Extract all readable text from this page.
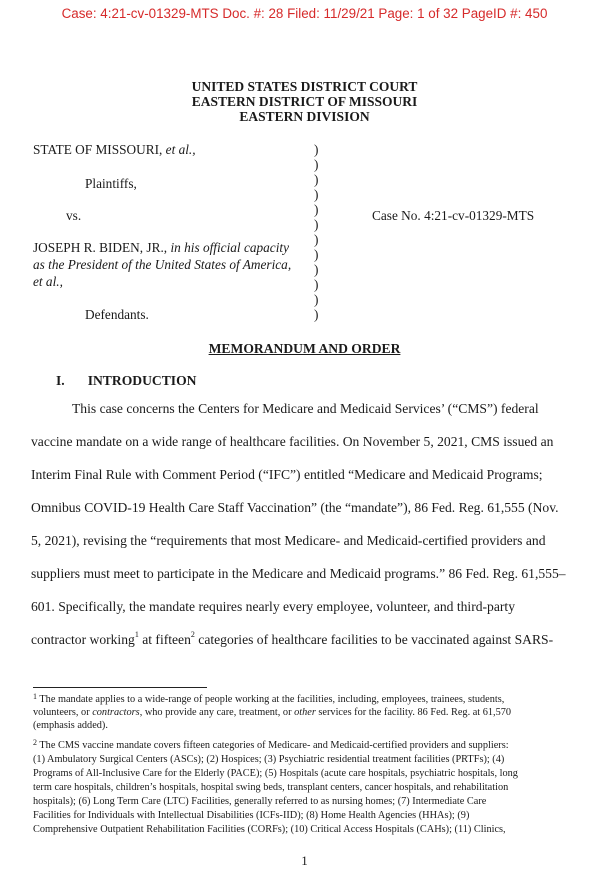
Case: 4:21-cv-01329-MTS Doc. #: 28 Filed: 11/29/21 Page: 1 of 32 PageID #: 450
UNITED STATES DISTRICT COURT
EASTERN DISTRICT OF MISSOURI
EASTERN DIVISION
STATE OF MISSOURI, et al.,
Plaintiffs,
vs.
JOSEPH R. BIDEN, JR., in his official capacity
as the President of the United States of America,
et al.,
Defendants.
)
)
)
)
)
)
)
)
)
)
)
)
Case No. 4:21-cv-01329-MTS
MEMORANDUM AND ORDER
I. INTRODUCTION
This case concerns the Centers for Medicare and Medicaid Services’ (“CMS”) federal
vaccine mandate on a wide range of healthcare facilities. On November 5, 2021, CMS issued an
Interim Final Rule with Comment Period (“IFC”) entitled “Medicare and Medicaid Programs;
Omnibus COVID-19 Health Care Staff Vaccination” (the “mandate”), 86 Fed. Reg. 61,555 (Nov.
5, 2021), revising the “requirements that most Medicare- and Medicaid-certified providers and
suppliers must meet to participate in the Medicare and Medicaid programs.” 86 Fed. Reg. 61,555–
601. Specifically, the mandate requires nearly every employee, volunteer, and third-party
contractor working$^1$ at fifteen$^2$ categories of healthcare facilities to be vaccinated against SARS-
$^1$ The mandate applies to a wide-range of people working at the facilities, including, employees, trainees, students,
volunteers, or contractors, who provide any care, treatment, or other services for the facility. 86 Fed. Reg. at 61,570
(emphasis added).
$^2$ The CMS vaccine mandate covers fifteen categories of Medicare- and Medicaid-certified providers and suppliers:
(1) Ambulatory Surgical Centers (ASCs); (2) Hospices; (3) Psychiatric residential treatment facilities (PRTFs); (4)
Programs of All-Inclusive Care for the Elderly (PACE); (5) Hospitals (acute care hospitals, psychiatric hospitals, long
term care hospitals, children’s hospitals, hospital swing beds, transplant centers, cancer hospitals, and rehabilitation
hospitals); (6) Long Term Care (LTC) Facilities, generally referred to as nursing homes; (7) Intermediate Care
Facilities for Individuals with Intellectual Disabilities (ICFs-IID); (8) Home Health Agencies (HHAs); (9)
Comprehensive Outpatient Rehabilitation Facilities (CORFs); (10) Critical Access Hospitals (CAHs); (11) Clinics,
1
